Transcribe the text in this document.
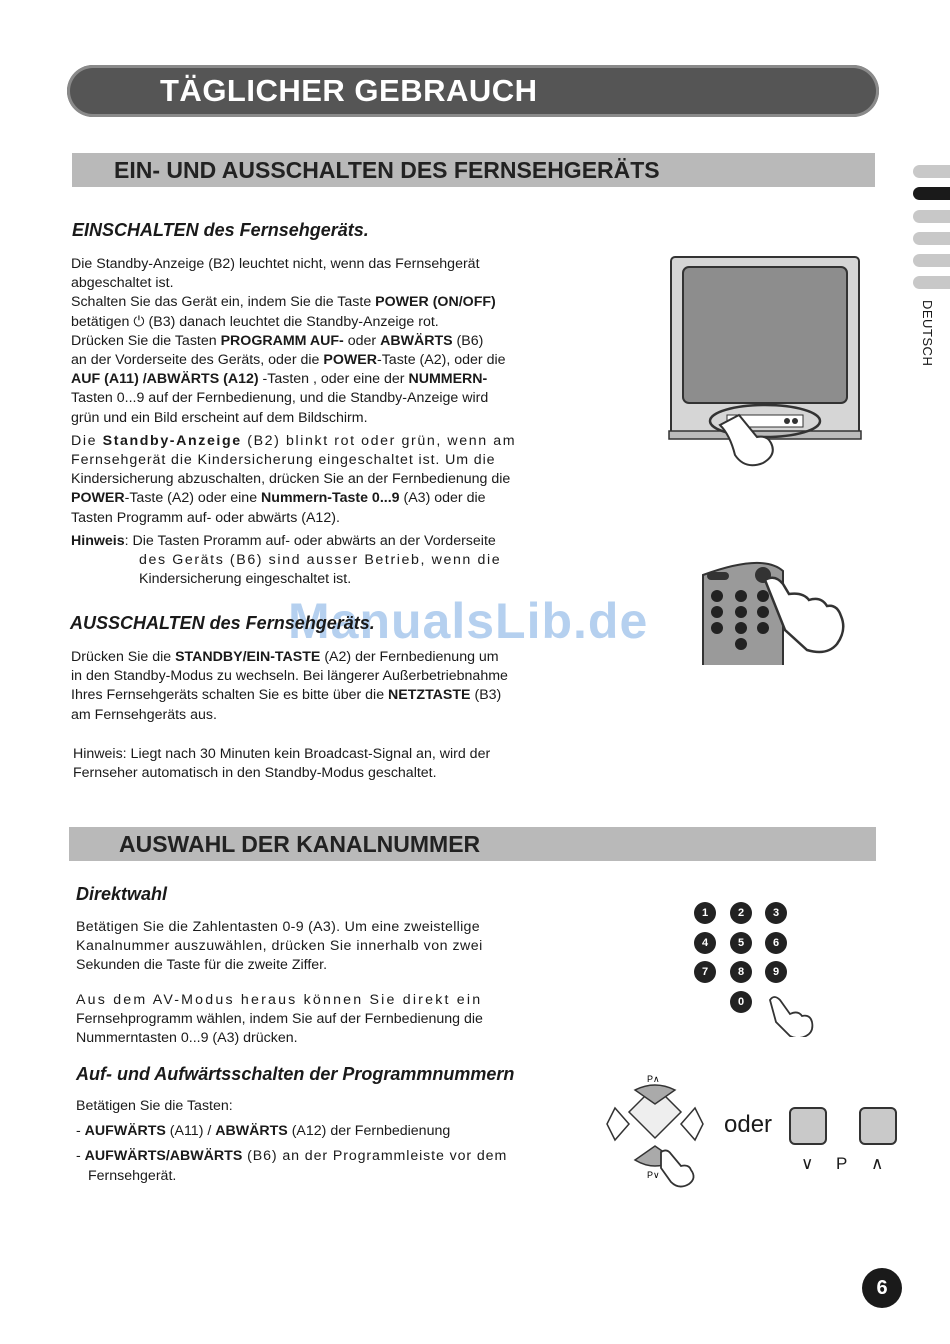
TÄGLICHER GEBRAUCH
DEUTSCH
EIN- UND AUSSCHALTEN DES FERNSEHGERÄTS
EINSCHALTEN des Fernsehgeräts.
Die Standby-Anzeige (B2) leuchtet nicht, wenn das Fernsehgerät
abgeschaltet ist.
Schalten Sie das Gerät ein, indem Sie die Taste POWER (ON/OFF)
betätigen ⏻ (B3) danach leuchtet die Standby-Anzeige rot.
Drücken Sie die Tasten PROGRAMM AUF- oder ABWÄRTS (B6)
an der Vorderseite des Geräts, oder die POWER-Taste (A2), oder die
AUF (A11) /ABWÄRTS (A12) -Tasten , oder eine der NUMMERN-
Tasten 0...9 auf der Fernbedienung, und die Standby-Anzeige wird
grün und ein Bild erscheint auf dem Bildschirm.
Die Standby-Anzeige (B2) blinkt rot oder grün, wenn am
Fernsehgerät die Kindersicherung eingeschaltet ist. Um die
Kindersicherung abzuschalten, drücken Sie an der Fernbedienung die
POWER-Taste (A2) oder eine Nummern-Taste 0...9 (A3) oder die
Tasten Programm auf- oder abwärts (A12).
Hinweis: Die Tasten Proramm auf- oder abwärts an der Vorderseite
des Geräts (B6) sind ausser Betrieb, wenn die
Kindersicherung eingeschaltet ist.
ManualsLib.de
AUSSCHALTEN des Fernsehgeräts.
Drücken Sie die STANDBY/EIN-TASTE (A2) der Fernbedienung um
in den Standby-Modus zu wechseln. Bei längerer Außerbetriebnahme
Ihres Fernsehgeräts schalten Sie es bitte über die NETZTASTE (B3)
am Fernsehgeräts aus.
Hinweis: Liegt nach 30 Minuten kein Broadcast-Signal an, wird der
Fernseher automatisch in den Standby-Modus geschaltet.
AUSWAHL DER KANALNUMMER
Direktwahl
Betätigen Sie die Zahlentasten 0-9 (A3). Um eine zweistellige
Kanalnummer auszuwählen, drücken Sie innerhalb von zwei
Sekunden die Taste für die zweite Ziffer.
Aus dem AV-Modus heraus können Sie direkt ein
Fernsehprogramm wählen, indem Sie auf der Fernbedienung die
Nummerntasten 0...9 (A3) drücken.
1	2	3
4	5	6
7	8	9
0
Auf- und Aufwärtsschalten der Programmnummern
Betätigen Sie die Tasten:
- AUFWÄRTS (A11) / ABWÄRTS (A12) der Fernbedienung
- AUFWÄRTS/ABWÄRTS (B6) an der Programmleiste vor dem
Fernsehgerät.
P∧
P∨
oder
∨ P ∧
6
